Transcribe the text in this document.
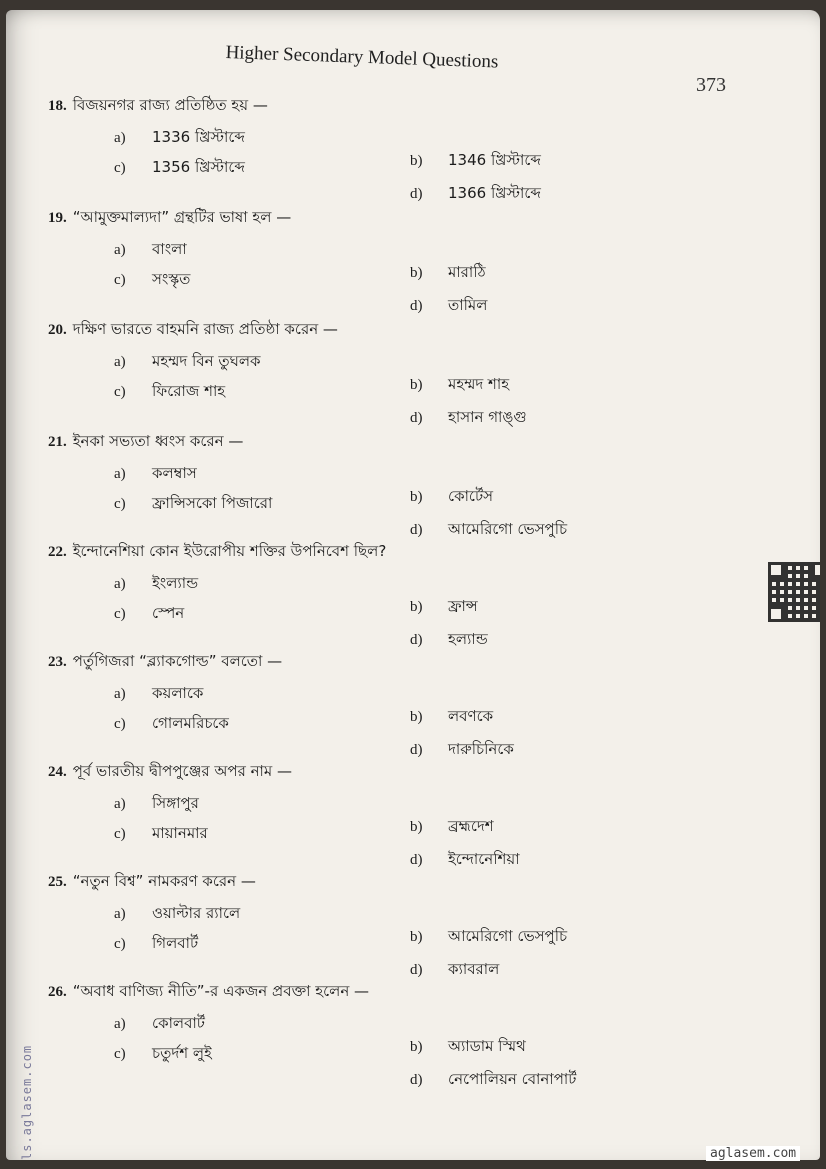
Higher Secondary Model Questions
373
ls.aglasem.com
18. বিজয়নগর রাজ্য প্রতিষ্ঠিত হয় —
a) 1336 খ্রিস্টাব্দে
b) 1346 খ্রিস্টাব্দে
c) 1356 খ্রিস্টাব্দে
d) 1366 খ্রিস্টাব্দে
19. “আমুক্তমাল্যদা” গ্রন্থটির ভাষা হল —
a) বাংলা
b) মারাঠি
c) সংস্কৃত
d) তামিল
20. দক্ষিণ ভারতে বাহমনি রাজ্য প্রতিষ্ঠা করেন —
a) মহম্মদ বিন তুঘলক
b) মহম্মদ শাহ
c) ফিরোজ শাহ
d) হাসান গাঙ্গু
21. ইনকা সভ্যতা ধ্বংস করেন —
a) কলম্বাস
b) কোর্টেস
c) ফ্রান্সিসকো পিজারো
d) আমেরিগো ভেসপুচি
22. ইন্দোনেশিয়া কোন ইউরোপীয় শক্তির উপনিবেশ ছিল?
a) ইংল্যান্ড
b) ফ্রান্স
c) স্পেন
d) হল্যান্ড
23. পর্তুগিজরা “ব্ল্যাকগোল্ড” বলতো —
a) কয়লাকে
b) লবণকে
c) গোলমরিচকে
d) দারুচিনিকে
24. পূর্ব ভারতীয় দ্বীপপুঞ্জের অপর নাম —
a) সিঙ্গাপুর
b) ব্রহ্মদেশ
c) মায়ানমার
d) ইন্দোনেশিয়া
25. “নতুন বিশ্ব” নামকরণ করেন —
a) ওয়াল্টার র‍্যালে
b) আমেরিগো ভেসপুচি
c) গিলবার্ট
d) ক্যাবরাল
26. “অবাধ বাণিজ্য নীতি”-র একজন প্রবক্তা হলেন —
a) কোলবার্ট
b) অ্যাডাম স্মিথ
c) চতুর্দশ লুই
d) নেপোলিয়ন বোনাপার্ট
aglasem.com
